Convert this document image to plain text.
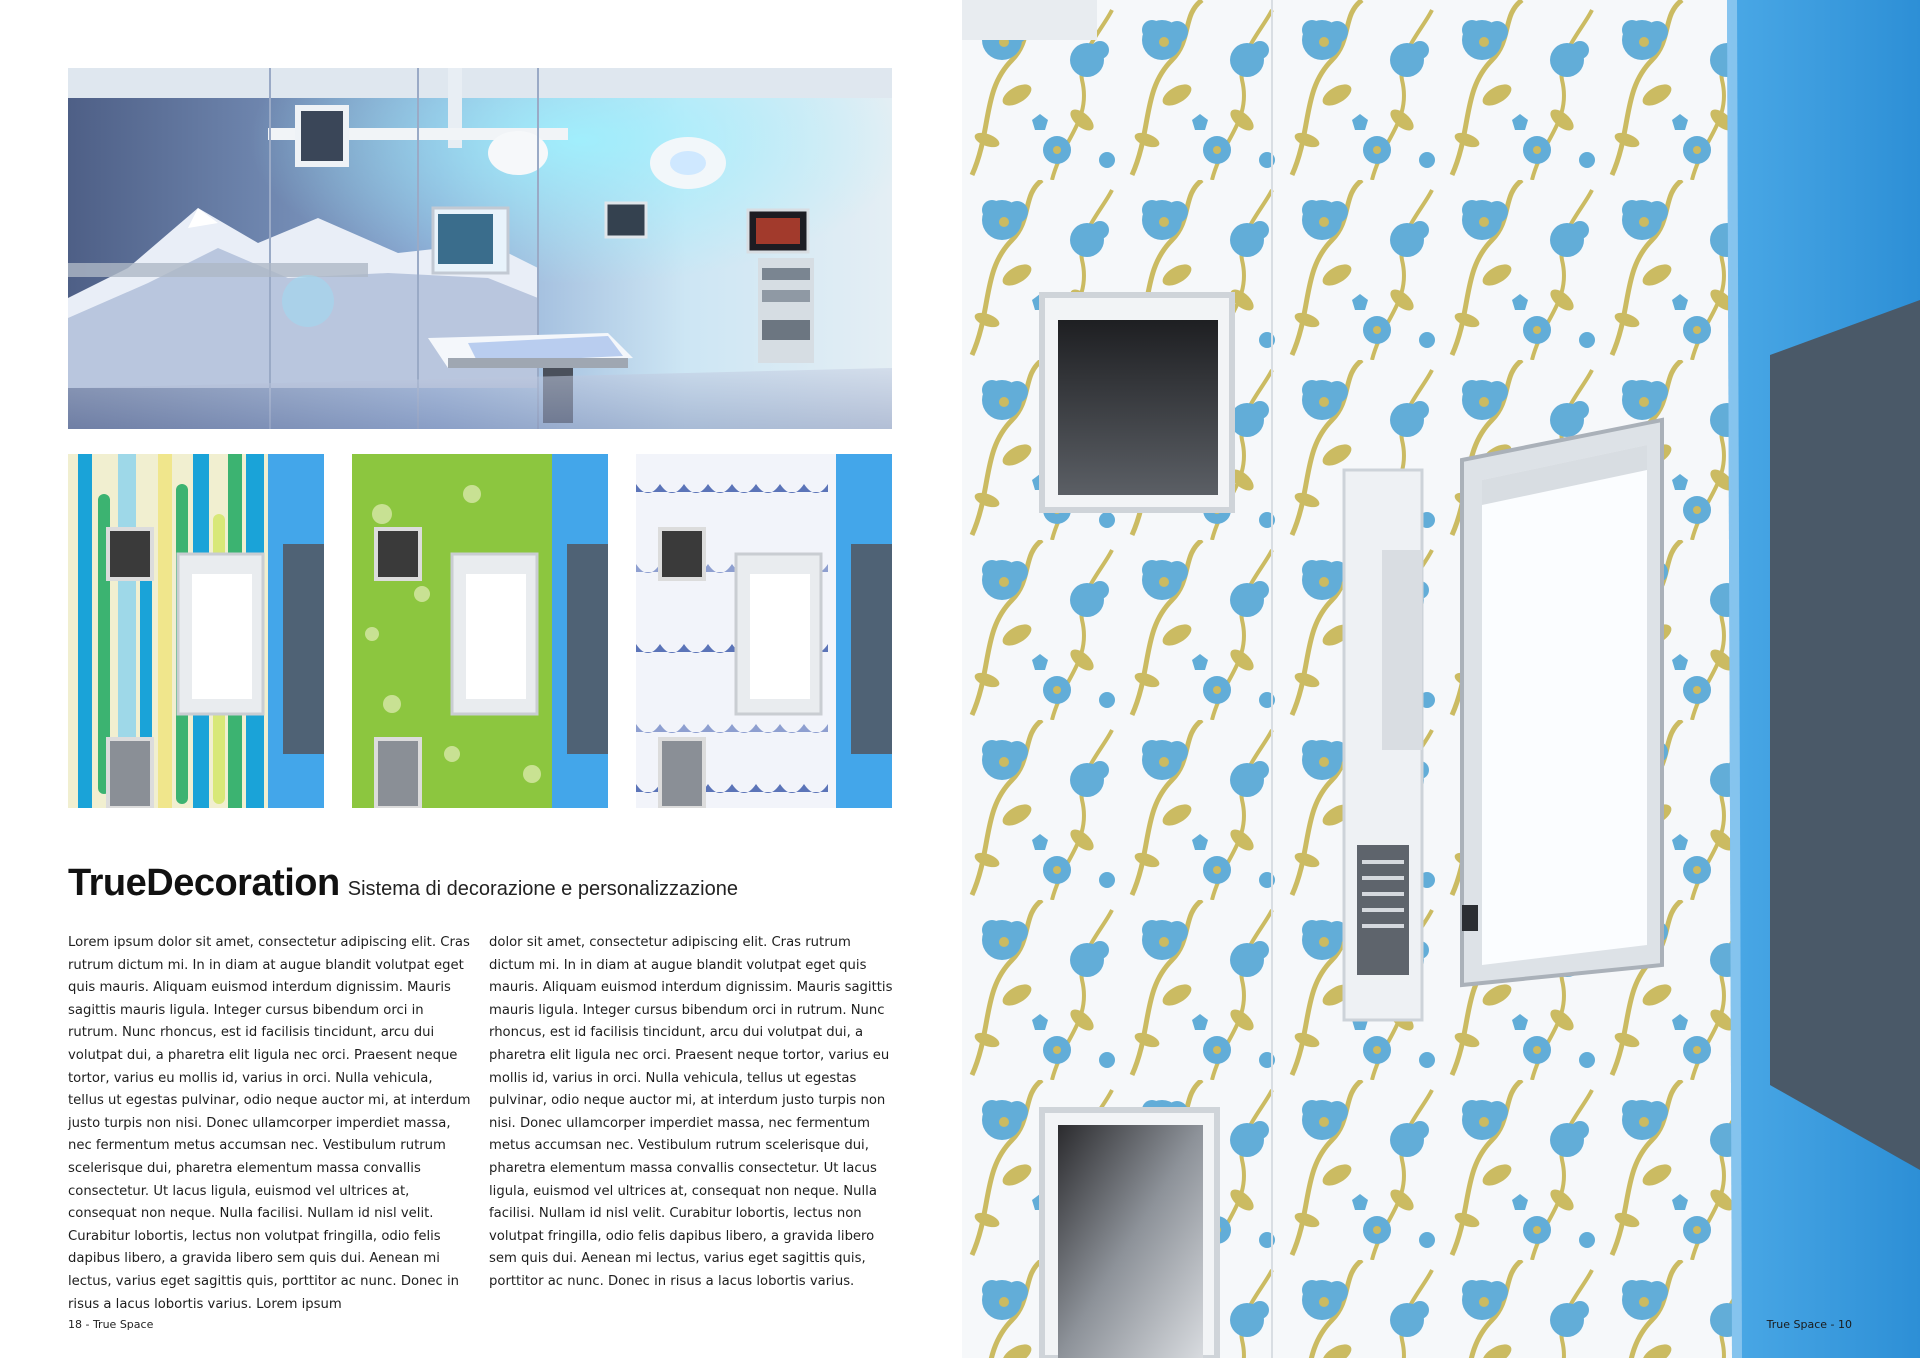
TrueDecoration Sistema di decorazione e personalizzazione

Lorem ipsum dolor sit amet, consectetur adipiscing elit. Cras rutrum dictum mi. In in diam at augue blandit volutpat eget quis mauris. Aliquam euismod interdum dignissim. Mauris sagittis mauris ligula. Integer cursus bibendum orci in rutrum. Nunc rhoncus, est id facilisis tincidunt, arcu dui volutpat dui, a pharetra elit ligula nec orci. Praesent neque tortor, varius eu mollis id, varius in orci. Nulla vehicula, tellus ut egestas pulvinar, odio neque auctor mi, at interdum justo turpis non nisi. Donec ullamcorper imperdiet massa, nec fermentum metus accumsan nec. Vestibulum rutrum scelerisque dui, pharetra elementum massa convallis consectetur. Ut lacus ligula, euismod vel ultrices at, consequat non neque. Nulla facilisi. Nullam id nisl velit. Curabitur lobortis, lectus non volutpat fringilla, odio felis dapibus libero, a gravida libero sem quis dui. Aenean mi lectus, varius eget sagittis quis, porttitor ac nunc. Donec in risus a lacus lobortis varius. Lorem ipsum

dolor sit amet, consectetur adipiscing elit. Cras rutrum dictum mi. In in diam at augue blandit volutpat eget quis mauris. Aliquam euismod interdum dignissim. Mauris sagittis mauris ligula. Integer cursus bibendum orci in rutrum. Nunc rhoncus, est id facilisis tincidunt, arcu dui volutpat dui, a pharetra elit ligula nec orci. Praesent neque tortor, varius eu mollis id, varius in orci. Nulla vehicula, tellus ut egestas pulvinar, odio neque auctor mi, at interdum justo turpis non nisi. Donec ullamcorper imperdiet massa, nec fermentum metus accumsan nec. Vestibulum rutrum scelerisque dui, pharetra elementum massa convallis consectetur. Ut lacus ligula, euismod vel ultrices at, consequat non neque. Nulla facilisi. Nullam id nisl velit. Curabitur lobortis, lectus non volutpat fringilla, odio felis dapibus libero, a gravida libero sem quis dui. Aenean mi lectus, varius eget sagittis quis, porttitor ac nunc. Donec in risus a lacus lobortis varius.

18 - True Space	True Space - 10
